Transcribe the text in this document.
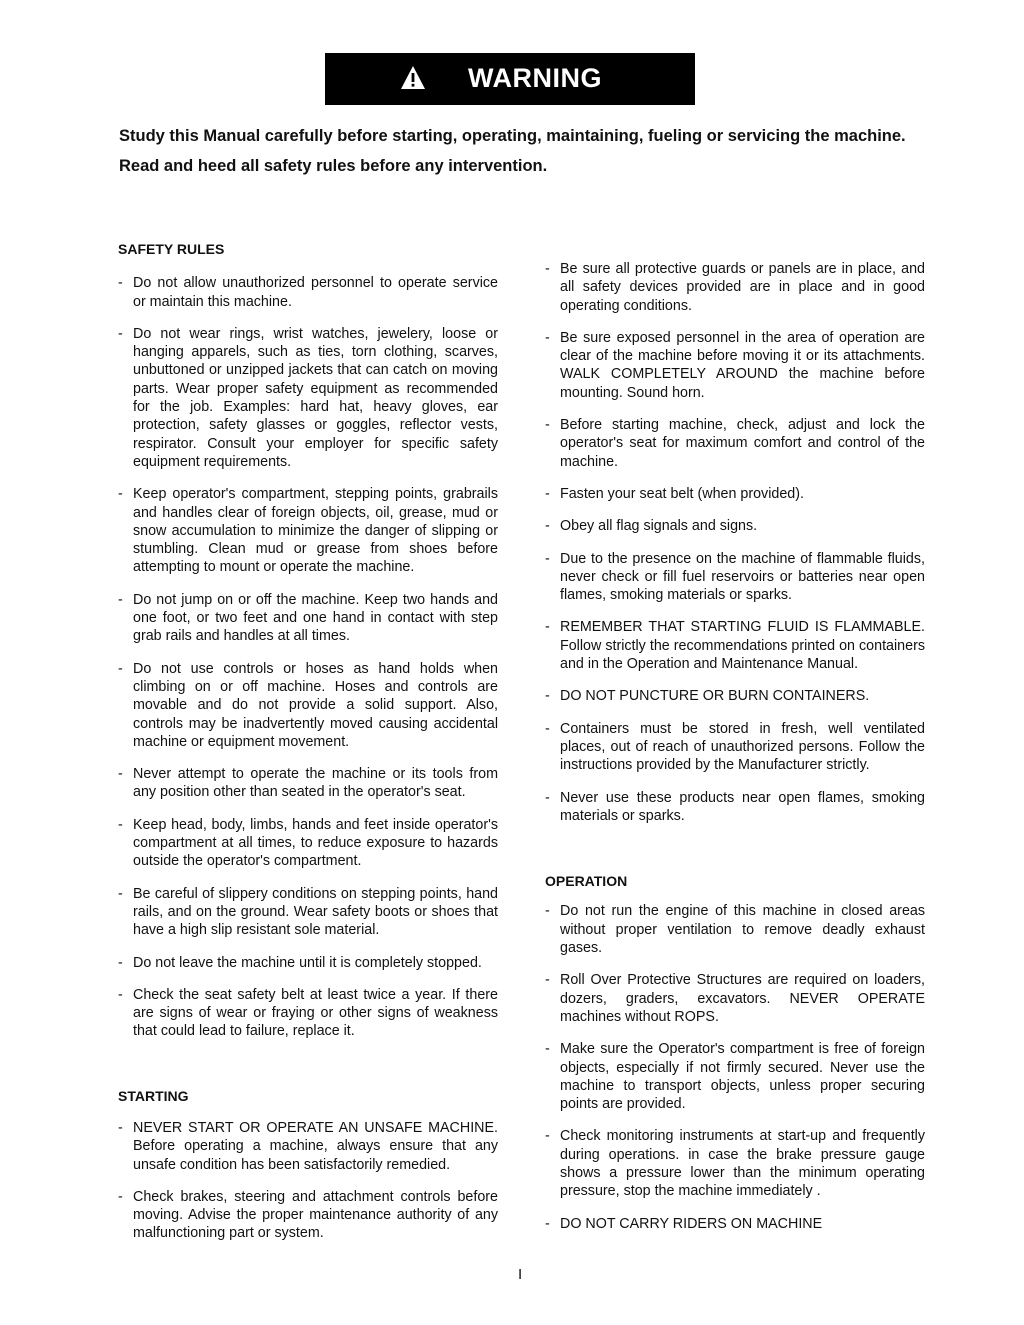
WARNING

Study this Manual carefully before starting, operating, maintaining, fueling or servicing the machine.

Read and heed all safety rules before any intervention.

SAFETY RULES

- Do not allow unauthorized personnel to operate service or maintain this machine.

- Do not wear rings, wrist watches, jewelery, loose or hanging apparels, such as ties, torn clothing, scarves, unbuttoned or unzipped jackets that can catch on moving parts. Wear proper safety equipment as recommended for the job. Examples: hard hat, heavy gloves, ear protection, safety glasses or goggles, reflector vests, respirator. Consult your employer for specific safety equipment requirements.

- Keep operator's compartment, stepping points, grabrails and handles clear of foreign objects, oil, grease, mud or snow accumulation to minimize the danger of slipping or stumbling. Clean mud or grease from shoes before attempting to mount or operate the machine.

- Do not jump on or off the machine. Keep two hands and one foot, or two feet and one hand in contact with step grab rails and handles at all times.

- Do not use controls or hoses as hand holds when climbing on or off machine. Hoses and controls are movable and do not provide a solid support. Also, controls may be inadvertently moved causing accidental machine or equipment movement.

- Never attempt to operate the machine or its tools from any position other than seated in the operator's seat.

- Keep head, body, limbs, hands and feet inside operator's compartment at all times, to reduce exposure to hazards outside the operator's compartment.

- Be careful of slippery conditions on stepping points, hand rails, and on the ground. Wear safety boots or shoes that have a high slip resistant sole material.

- Do not leave the machine until it is completely stopped.

- Check the seat safety belt at least twice a year. If there are signs of wear or fraying or other signs of weakness that could lead to failure, replace it.

STARTING

- NEVER START OR OPERATE AN UNSAFE MACHINE. Before operating a machine, always ensure that any unsafe condition has been satisfactorily remedied.

- Check brakes, steering and attachment controls before moving. Advise the proper maintenance authority of any malfunctioning part or system.

- Be sure all protective guards or panels are in place, and all safety devices provided are in place and in good operating conditions.

- Be sure exposed personnel in the area of operation are clear of the machine before moving it or its attachments. WALK COMPLETELY AROUND the machine before mounting. Sound horn.

- Before starting machine, check, adjust and lock the operator's seat for maximum comfort and control of the machine.

- Fasten your seat belt (when provided).

- Obey all flag signals and signs.

- Due to the presence on the machine of flammable fluids, never check or fill fuel reservoirs or batteries near open flames, smoking materials or sparks.

- REMEMBER THAT STARTING FLUID IS FLAMMABLE. Follow strictly the recommendations printed on containers and in the Operation and Maintenance Manual.

- DO NOT PUNCTURE OR BURN CONTAINERS.

- Containers must be stored in fresh, well ventilated places, out of reach of unauthorized persons. Follow the instructions provided by the Manufacturer strictly.

- Never use these products near open flames, smoking materials or sparks.

OPERATION

- Do not run the engine of this machine in closed areas without proper ventilation to remove deadly exhaust gases.

- Roll Over Protective Structures are required on loaders, dozers, graders, excavators. NEVER OPERATE machines without ROPS.

- Make sure the Operator's compartment is free of foreign objects, especially if not firmly secured. Never use the machine to transport objects, unless proper securing points are provided.

- Check monitoring instruments at start-up and frequently during operations. in case the brake pressure gauge shows a pressure lower than the minimum operating pressure, stop the machine immediately .

- DO NOT CARRY RIDERS ON MACHINE

I
